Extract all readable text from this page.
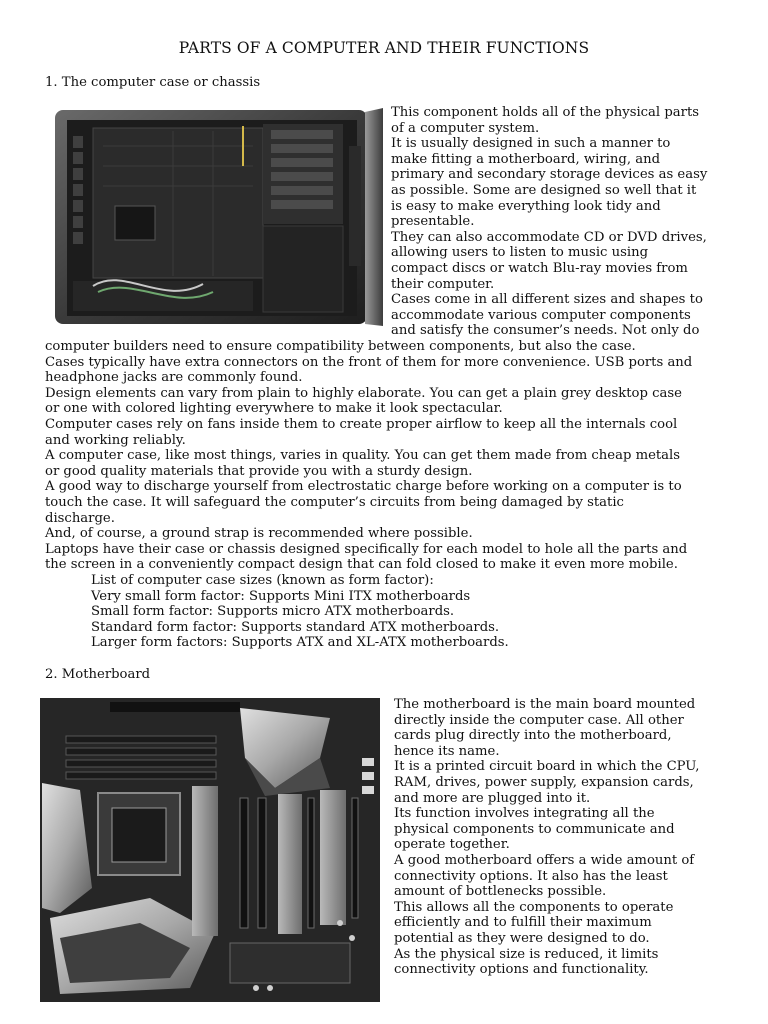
PARTS OF A COMPUTER AND THEIR FUNCTIONS
1. The computer case or chassis
This component holds all of the physical parts
of a computer system.
It is usually designed in such a manner to
make fitting a motherboard, wiring, and
primary and secondary storage devices as easy
as possible. Some are designed so well that it
is easy to make everything look tidy and
presentable.
They can also accommodate CD or DVD drives,
allowing users to listen to music using
compact discs or watch Blu-ray movies from
their computer.
Cases come in all different sizes and shapes to
accommodate various computer components
and satisfy the consumer’s needs. Not only do
computer builders need to ensure compatibility between components, but also the case.
Cases typically have extra connectors on the front of them for more convenience. USB ports and
headphone jacks are commonly found.
Design elements can vary from plain to highly elaborate. You can get a plain grey desktop case
or one with colored lighting everywhere to make it look spectacular.
Computer cases rely on fans inside them to create proper airflow to keep all the internals cool
and working reliably.
A computer case, like most things, varies in quality. You can get them made from cheap metals
or good quality materials that provide you with a sturdy design.
A good way to discharge yourself from electrostatic charge before working on a computer is to
touch the case. It will safeguard the computer’s circuits from being damaged by static
discharge.
And, of course, a ground strap is recommended where possible.
Laptops have their case or chassis designed specifically for each model to hole all the parts and
the screen in a conveniently compact design that can fold closed to make it even more mobile.
List of computer case sizes (known as form factor):
Very small form factor: Supports Mini ITX motherboards
Small form factor: Supports micro ATX motherboards.
Standard form factor: Supports standard ATX motherboards.
Larger form factors: Supports ATX and XL-ATX motherboards.
2. Motherboard
The motherboard is the main board mounted
directly inside the computer case. All other
cards plug directly into the motherboard,
hence its name.
It is a printed circuit board in which the CPU,
RAM, drives, power supply, expansion cards,
and more are plugged into it.
Its function involves integrating all the
physical components to communicate and
operate together.
A good motherboard offers a wide amount of
connectivity options. It also has the least
amount of bottlenecks possible.
This allows all the components to operate
efficiently and to fulfill their maximum
potential as they were designed to do.
As the physical size is reduced, it limits
connectivity options and functionality.
